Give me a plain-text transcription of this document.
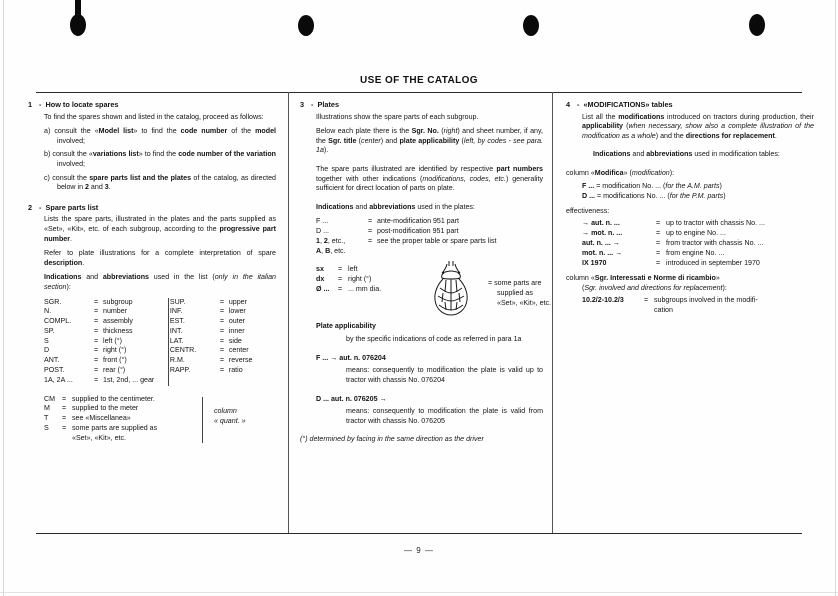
USE OF THE CATALOG
1 - How to locate spares
To find the spares shown and listed in the catalog, proceed as follows:
a) consult the «Model list» to find the code number of the model involved;
b) consult the «variations list» to find the code number of the variation involved;
c) consult the spare parts list and the plates of the catalog, as directed below in 2 and 3.
2 - Spare parts list
Lists the spare parts, illustrated in the plates and the parts supplied as «Set», «Kit», etc. of each subgroup, according to the progressive part number.
Refer to plate illustrations for a complete interpretation of spare description.
Indications and abbreviations used in the list (only in the italian section):
SGR.	= subgroup
N.	= number
COMPL.	= assembly
SP.	= thickness
S	= left (°)
D	= right (°)
ANT.	= front (°)
POST.	= rear (°)
1A, 2A ...	= 1st, 2nd, ... gear
SUP.	= upper
INF.	= lower
EST.	= outer
INT.	= inner
LAT.	= side
CENTR.	= center
R.M.	= reverse
RAPP.	= ratio
CM = supplied to the centimeter.
M	= supplied to the meter
T	= see «Miscellanea»
S	= some parts are supplied as
«Set», «Kit», etc.
column
« quant. »
3 - Plates
Illustrations show the spare parts of each subgroup.
Below each plate there is the Sgr. No. (right) and sheet number, if any, the Sgr. title (center) and plate applicability (left, by codes - see para. 1a).
The spare parts illustrated are identified by respective part numbers together with other indications (modifications, codes, etc.) generality sufficient for direct location of parts on plate.
Indications and abbreviations used in the plates:
F ...	= ante-modification 951 part
D ...	= post-modification 951 part
1, 2, etc.,	= see the proper table or spare parts list
A, B, etc.
sx	= left
dx	= right (°)
Ø ...	= ... mm dia.
= some parts are
supplied as
«Set», «Kit», etc.
Plate applicability
by the specific indications of code as referred in para 1a
F ... → aut. n. 076204
means: consequently to modification the plate is valid up to tractor with chassis No. 076204
D ... aut. n. 076205 →
means: consequently to modification the plate is valid from tractor with chassis No. 076205
(°) determined by facing in the same direction as the driver
4 - «MODIFICATIONS» tables
List all the modifications introduced on tractors during production, their applicability (when necessary, show also a complete illustration of the modification as a whole) and the directions for replacement.
Indications and abbreviations used in modification tables:
column «Modifica» (modification):
F ... = modification No. ... (for the A.M. parts)
D ... = modifications No. ... (for the P.M. parts)
effectiveness:
→ aut. n. ...	= up to tractor with chassis No. ...
→ mot. n. ...	= up to engine No. ...
aut. n. ... →	= from tractor with chassis No. ...
mot. n. ... →	= from engine No. ...
IX 1970	= introduced in september 1970
column «Sgr. Interessati e Norme di ricambio»
(Sgr. involved and directions for replacement):
10.2/2-10.2/3	= subgroups involved in the modifi-
cation
— 9 —
